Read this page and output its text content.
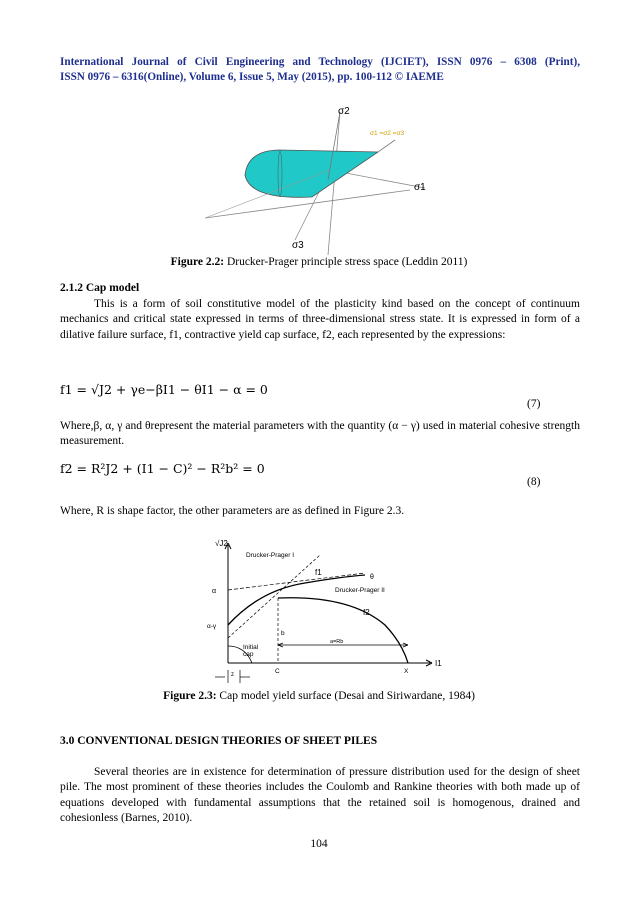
International Journal of Civil Engineering and Technology (IJCIET), ISSN 0976 – 6308 (Print),
ISSN 0976 – 6316(Online), Volume 6, Issue 5, May (2015), pp. 100-112 © IAEME
σ2
σ1 =σ2 =σ3
σ1
σ3
Figure 2.2: Drucker-Prager principle stress space (Leddin 2011)
2.1.2 Cap model
This is a form of soil constitutive model of the plasticity kind based on the concept of continuum mechanics and critical state expressed in terms of three-dimensional stress state. It is expressed in form of a dilative failure surface, f1, contractive yield cap surface, f2, each represented by the expressions:
f1 = √J2 + γe−βI1 − θI1 − α = 0
(7)
Where,β, α, γ and θrepresent the material parameters with the quantity (α − γ) used in material cohesive strength measurement.
f2 = R²J2 + (I1 − C)² − R²b² = 0
(8)
Where, R is shape factor, the other parameters are as defined in Figure 2.3.
√J2
Drucker-Prager I
f1
θ
Drucker-Prager II
α
α-γ
f2
b
Initial
cap
a=Rb
I1
z	C	X
Figure 2.3: Cap model yield surface (Desai and Siriwardane, 1984)
3.0 CONVENTIONAL DESIGN THEORIES OF SHEET PILES
Several theories are in existence for determination of pressure distribution used for the design of sheet pile. The most prominent of these theories includes the Coulomb and Rankine theories with both made up of equations developed with fundamental assumptions that the retained soil is homogenous, drained and cohesionless (Barnes, 2010).
104
